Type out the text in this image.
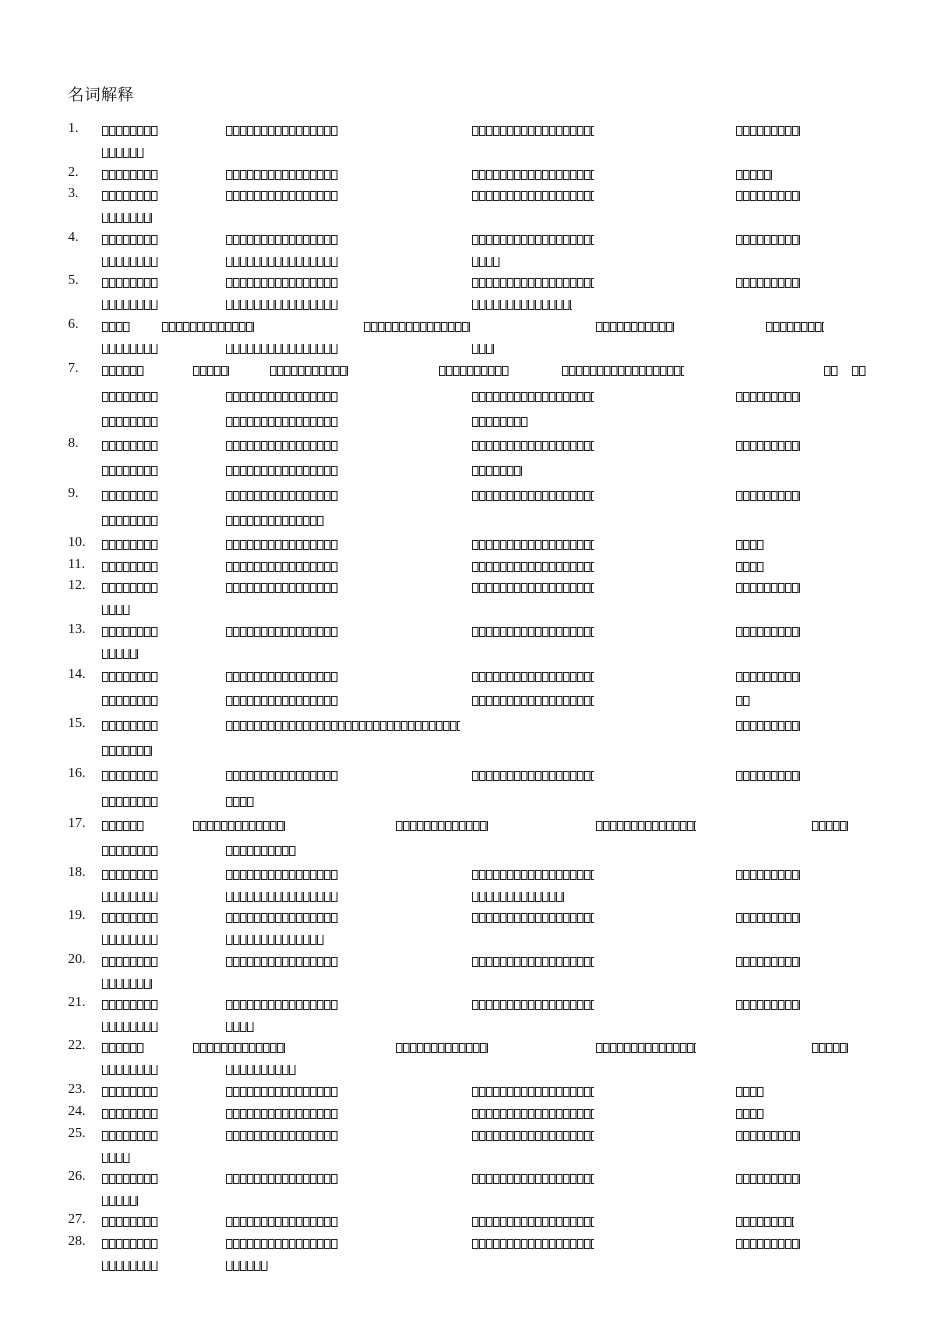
名词解释
1.
2.
3.
4.
5.
6.
7.
8.
9.
10.
11.
12.
13.
14.
15.
16.
17.
18.
19.
20.
21.
22.
23.
24.
25.
26.
27.
28.
